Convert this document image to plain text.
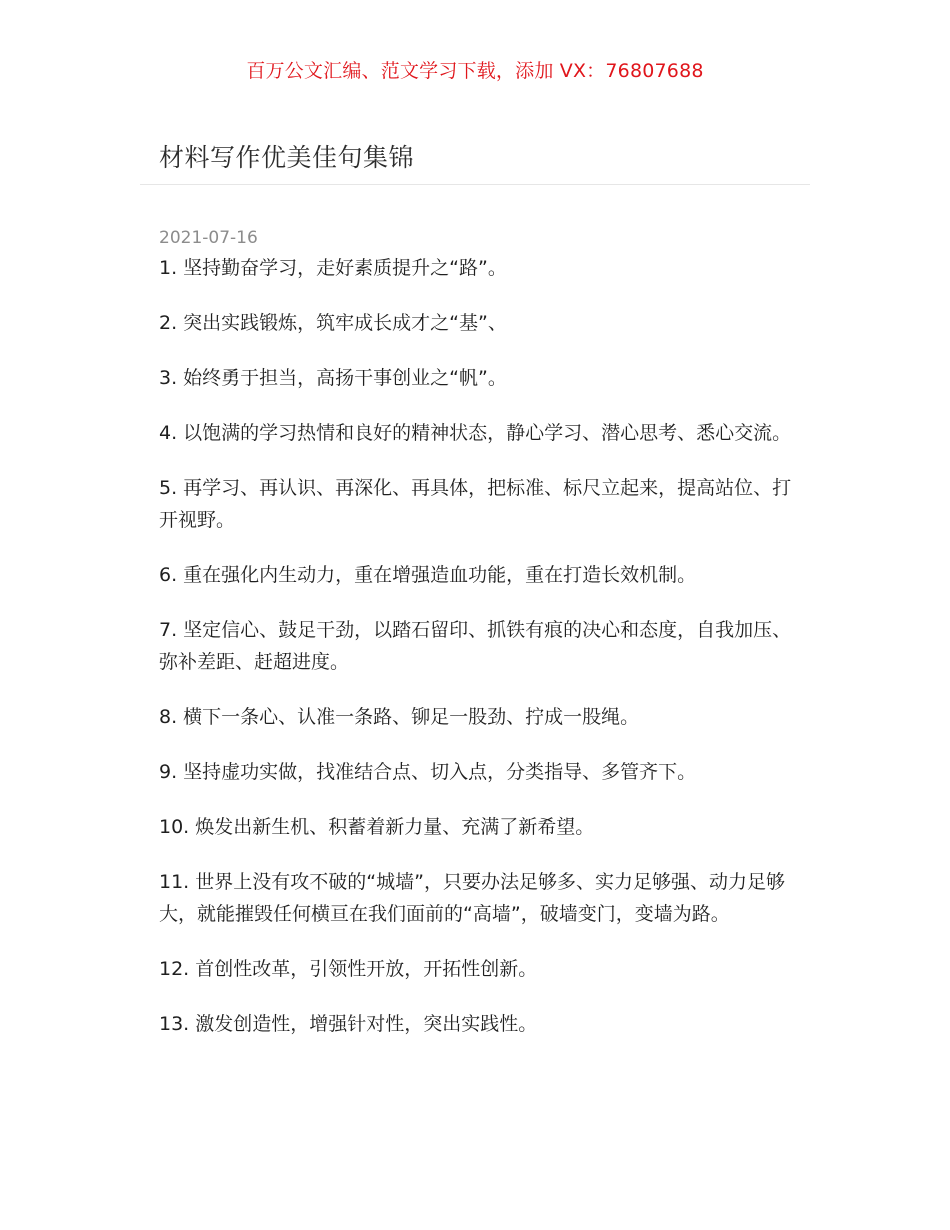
百万公文汇编、范文学习下载，添加 VX：76807688
材料写作优美佳句集锦
2021-07-16
1. 坚持勤奋学习，走好素质提升之“路”。
2. 突出实践锻炼，筑牢成长成才之“基”、
3. 始终勇于担当，高扬干事创业之“帆”。
4. 以饱满的学习热情和良好的精神状态，静心学习、潜心思考、悉心交流。
5. 再学习、再认识、再深化、再具体，把标准、标尺立起来，提高站位、打开视野。
6. 重在强化内生动力，重在增强造血功能，重在打造长效机制。
7. 坚定信心、鼓足干劲，以踏石留印、抓铁有痕的决心和态度，自我加压、弥补差距、赶超进度。
8. 横下一条心、认准一条路、铆足一股劲、拧成一股绳。
9. 坚持虚功实做，找准结合点、切入点，分类指导、多管齐下。
10. 焕发出新生机、积蓄着新力量、充满了新希望。
11. 世界上没有攻不破的“城墙”，只要办法足够多、实力足够强、动力足够大，就能摧毁任何横亘在我们面前的“高墙”，破墙变门，变墙为路。
12. 首创性改革，引领性开放，开拓性创新。
13. 激发创造性，增强针对性，突出实践性。
